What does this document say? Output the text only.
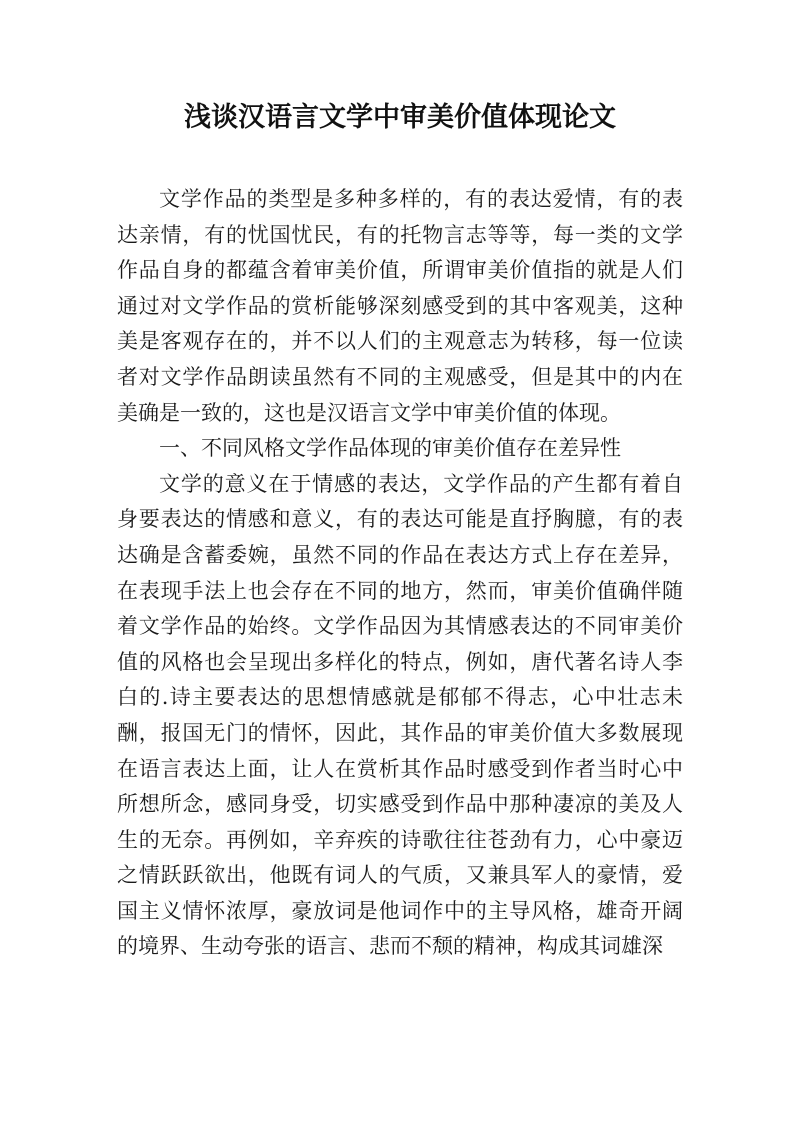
浅谈汉语言文学中审美价值体现论文

文学作品的类型是多种多样的，有的表达爱情，有的表达亲情，有的忧国忧民，有的托物言志等等，每一类的文学作品自身的都蕴含着审美价值，所谓审美价值指的就是人们通过对文学作品的赏析能够深刻感受到的其中客观美，这种美是客观存在的，并不以人们的主观意志为转移，每一位读者对文学作品朗读虽然有不同的主观感受，但是其中的内在美确是一致的，这也是汉语言文学中审美价值的体现。

一、不同风格文学作品体现的审美价值存在差异性

文学的意义在于情感的表达，文学作品的产生都有着自身要表达的情感和意义，有的表达可能是直抒胸臆，有的表达确是含蓄委婉，虽然不同的作品在表达方式上存在差异，在表现手法上也会存在不同的地方，然而，审美价值确伴随着文学作品的始终。文学作品因为其情感表达的不同审美价值的风格也会呈现出多样化的特点，例如，唐代著名诗人李白的.诗主要表达的思想情感就是郁郁不得志，心中壮志未酬，报国无门的情怀，因此，其作品的审美价值大多数展现在语言表达上面，让人在赏析其作品时感受到作者当时心中所想所念，感同身受，切实感受到作品中那种凄凉的美及人生的无奈。再例如，辛弃疾的诗歌往往苍劲有力，心中豪迈之情跃跃欲出，他既有词人的气质，又兼具军人的豪情，爱国主义情怀浓厚，豪放词是他词作中的主导风格，雄奇开阔的境界、生动夸张的语言、悲而不颓的精神，构成其词雄深
